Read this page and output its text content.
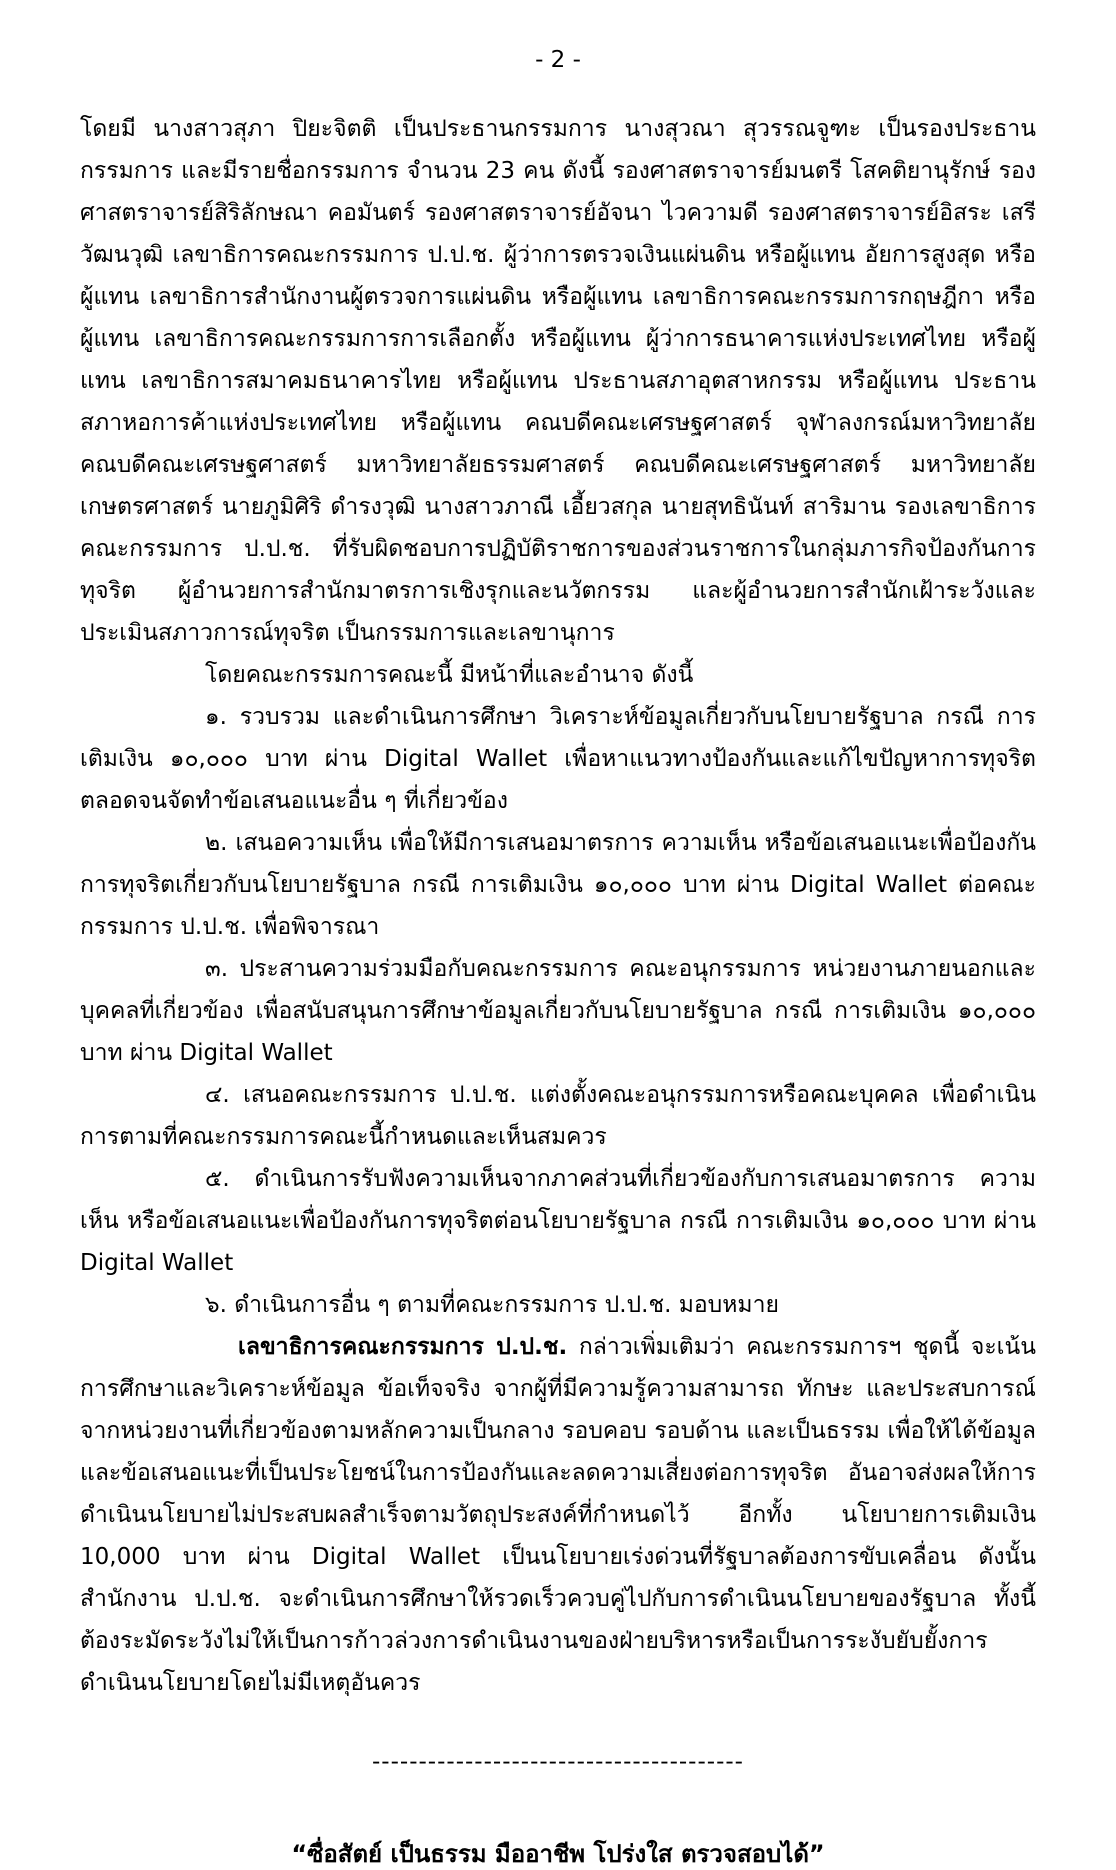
- 2 -

โดยมี นางสาวสุภา ปิยะจิตติ เป็นประธานกรรมการ นางสุวณา สุวรรณจูฑะ เป็นรองประธานกรรมการ และมีรายชื่อกรรมการ จำนวน 23 คน ดังนี้ รองศาสตราจารย์มนตรี โสคติยานุรักษ์ รองศาสตราจารย์สิริลักษณา คอมันตร์ รองศาสตราจารย์อัจนา ไวความดี รองศาสตราจารย์อิสระ เสรีวัฒนวุฒิ เลขาธิการคณะกรรมการ ป.ป.ช. ผู้ว่าการตรวจเงินแผ่นดิน หรือผู้แทน อัยการสูงสุด หรือผู้แทน เลขาธิการสำนักงานผู้ตรวจการแผ่นดิน หรือผู้แทน เลขาธิการคณะกรรมการกฤษฎีกา หรือผู้แทน เลขาธิการคณะกรรมการการเลือกตั้ง หรือผู้แทน ผู้ว่าการธนาคารแห่งประเทศไทย หรือผู้แทน เลขาธิการสมาคมธนาคารไทย หรือผู้แทน ประธานสภาอุตสาหกรรม หรือผู้แทน ประธานสภาหอการค้าแห่งประเทศไทย หรือผู้แทน คณบดีคณะเศรษฐศาสตร์ จุฬาลงกรณ์มหาวิทยาลัย คณบดีคณะเศรษฐศาสตร์ มหาวิทยาลัยธรรมศาสตร์ คณบดีคณะเศรษฐศาสตร์ มหาวิทยาลัยเกษตรศาสตร์ นายภูมิศิริ ดำรงวุฒิ นางสาวภาณี เอี้ยวสกุล นายสุทธินันท์ สาริมาน รองเลขาธิการคณะกรรมการ ป.ป.ช. ที่รับผิดชอบการปฏิบัติราชการของส่วนราชการในกลุ่มภารกิจป้องกันการทุจริต ผู้อำนวยการสำนักมาตรการเชิงรุกและนวัตกรรม และผู้อำนวยการสำนักเฝ้าระวังและประเมินสภาวการณ์ทุจริต เป็นกรรมการและเลขานุการ

โดยคณะกรรมการคณะนี้ มีหน้าที่และอำนาจ ดังนี้

๑. รวบรวม และดำเนินการศึกษา วิเคราะห์ข้อมูลเกี่ยวกับนโยบายรัฐบาล กรณี การเติมเงิน ๑๐,๐๐๐ บาท ผ่าน Digital Wallet เพื่อหาแนวทางป้องกันและแก้ไขปัญหาการทุจริต ตลอดจนจัดทำข้อเสนอแนะอื่น ๆ ที่เกี่ยวข้อง

๒. เสนอความเห็น เพื่อให้มีการเสนอมาตรการ ความเห็น หรือข้อเสนอแนะเพื่อป้องกันการทุจริตเกี่ยวกับนโยบายรัฐบาล กรณี การเติมเงิน ๑๐,๐๐๐ บาท ผ่าน Digital Wallet ต่อคณะกรรมการ ป.ป.ช. เพื่อพิจารณา

๓. ประสานความร่วมมือกับคณะกรรมการ คณะอนุกรรมการ หน่วยงานภายนอกและบุคคลที่เกี่ยวข้อง เพื่อสนับสนุนการศึกษาข้อมูลเกี่ยวกับนโยบายรัฐบาล กรณี การเติมเงิน ๑๐,๐๐๐ บาท ผ่าน Digital Wallet

๔. เสนอคณะกรรมการ ป.ป.ช. แต่งตั้งคณะอนุกรรมการหรือคณะบุคคล เพื่อดำเนินการตามที่คณะกรรมการคณะนี้กำหนดและเห็นสมควร

๕. ดำเนินการรับฟังความเห็นจากภาคส่วนที่เกี่ยวข้องกับการเสนอมาตรการ ความเห็น หรือข้อเสนอแนะเพื่อป้องกันการทุจริตต่อนโยบายรัฐบาล กรณี การเติมเงิน ๑๐,๐๐๐ บาท ผ่าน Digital Wallet

๖. ดำเนินการอื่น ๆ ตามที่คณะกรรมการ ป.ป.ช. มอบหมาย

เลขาธิการคณะกรรมการ ป.ป.ช. กล่าวเพิ่มเติมว่า คณะกรรมการฯ ชุดนี้ จะเน้นการศึกษาและวิเคราะห์ข้อมูล ข้อเท็จจริง จากผู้ที่มีความรู้ความสามารถ ทักษะ และประสบการณ์จากหน่วยงานที่เกี่ยวข้องตามหลักความเป็นกลาง รอบคอบ รอบด้าน และเป็นธรรม เพื่อให้ได้ข้อมูลและข้อเสนอแนะที่เป็นประโยชน์ในการป้องกันและลดความเสี่ยงต่อการทุจริต อันอาจส่งผลให้การดำเนินนโยบายไม่ประสบผลสำเร็จตามวัตถุประสงค์ที่กำหนดไว้ อีกทั้ง นโยบายการเติมเงิน 10,000 บาท ผ่าน Digital Wallet เป็นนโยบายเร่งด่วนที่รัฐบาลต้องการขับเคลื่อน ดังนั้น สำนักงาน ป.ป.ช. จะดำเนินการศึกษาให้รวดเร็วควบคู่ไปกับการดำเนินนโยบายของรัฐบาล ทั้งนี้ต้องระมัดระวังไม่ให้เป็นการก้าวล่วงการดำเนินงานของฝ่ายบริหารหรือเป็นการระงับยับยั้งการดำเนินนโยบายโดยไม่มีเหตุอันควร

----------------------------------------
“ซื่อสัตย์ เป็นธรรม มืออาชีพ โปร่งใส ตรวจสอบได้”
